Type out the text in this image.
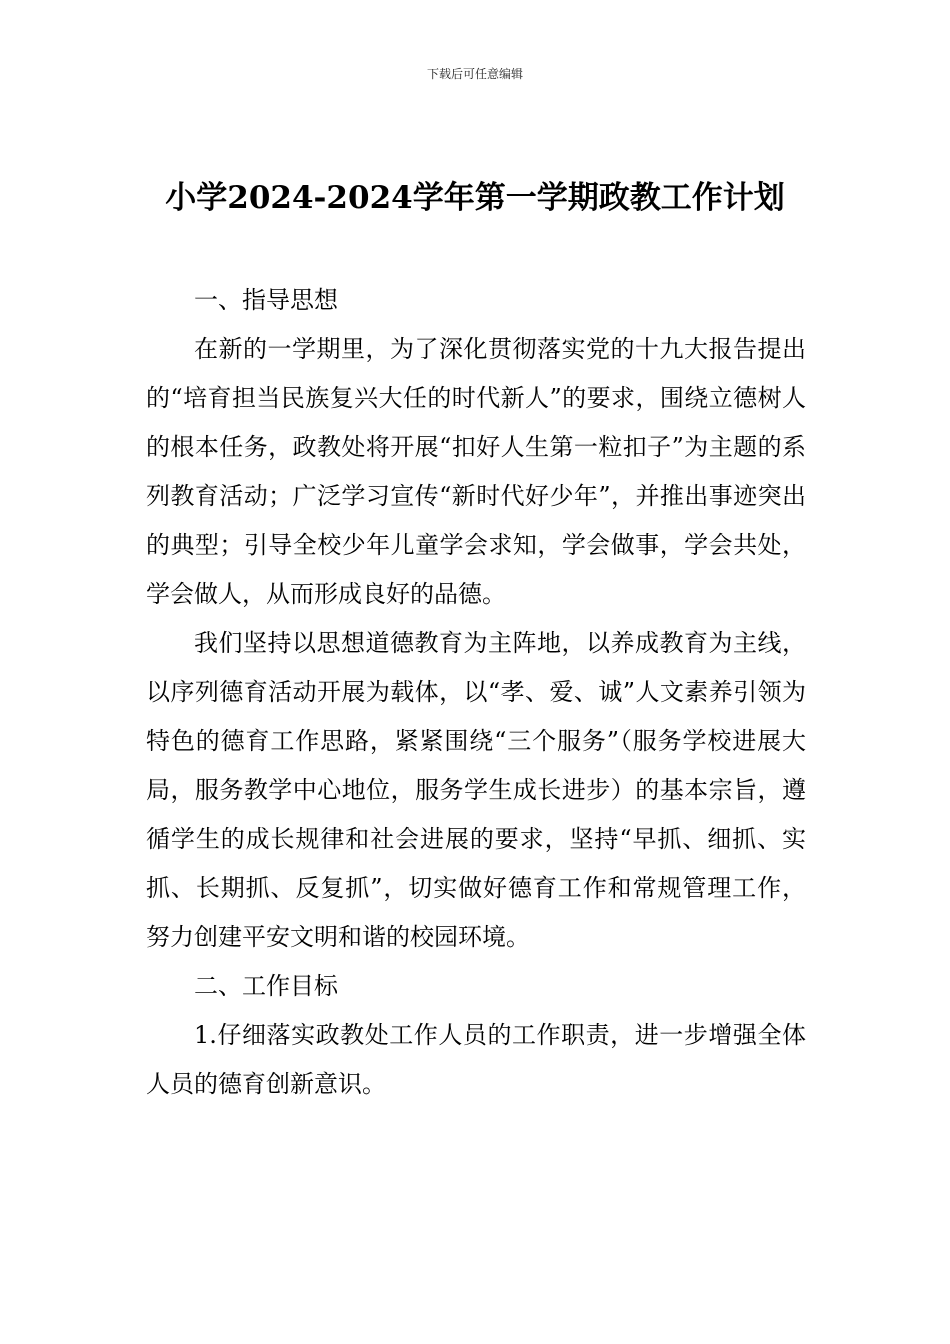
下载后可任意编辑
小学2024-2024学年第一学期政教工作计划

一、指导思想

在新的一学期里，为了深化贯彻落实党的十九大报告提出的“培育担当民族复兴大任的时代新人”的要求，围绕立德树人的根本任务，政教处将开展“扣好人生第一粒扣子”为主题的系列教育活动；广泛学习宣传“新时代好少年”，并推出事迹突出的典型；引导全校少年儿童学会求知，学会做事，学会共处，学会做人，从而形成良好的品德。

我们坚持以思想道德教育为主阵地，以养成教育为主线，以序列德育活动开展为载体，以“孝、爱、诚”人文素养引领为特色的德育工作思路，紧紧围绕“三个服务”（服务学校进展大局，服务教学中心地位，服务学生成长进步）的基本宗旨，遵循学生的成长规律和社会进展的要求，坚持“早抓、细抓、实抓、长期抓、反复抓”，切实做好德育工作和常规管理工作，努力创建平安文明和谐的校园环境。

二、工作目标

1.仔细落实政教处工作人员的工作职责，进一步增强全体人员的德育创新意识。
